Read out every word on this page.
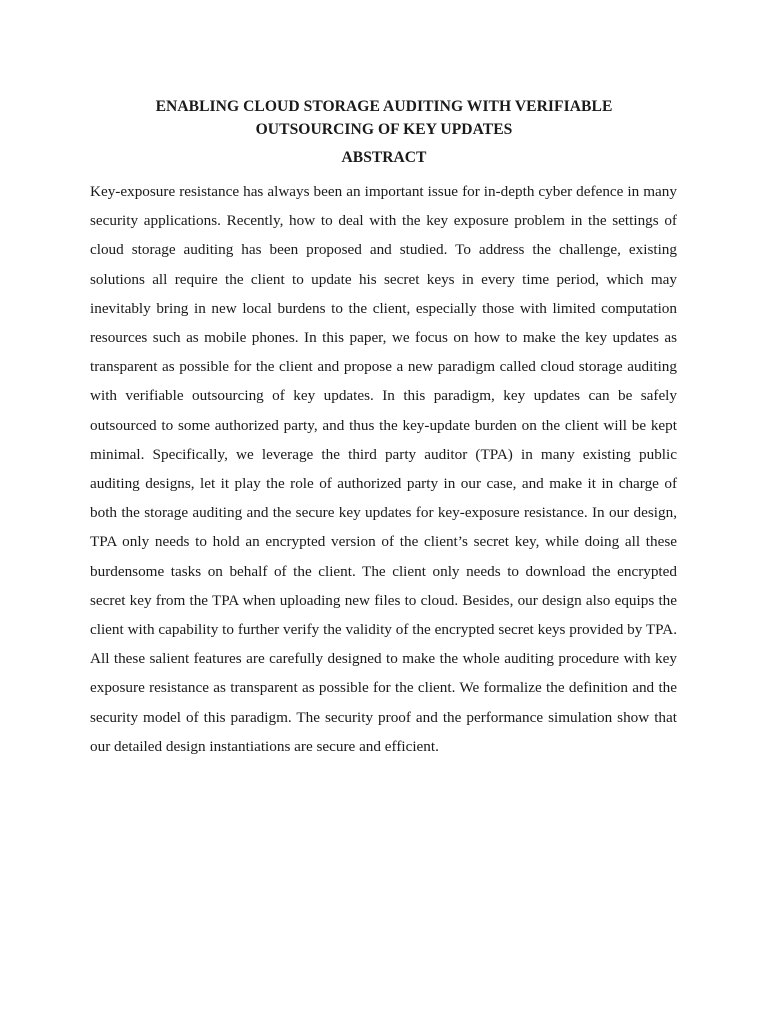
ENABLING CLOUD STORAGE AUDITING WITH VERIFIABLE
OUTSOURCING OF KEY UPDATES
ABSTRACT

Key-exposure resistance has always been an important issue for in-depth cyber defence in many security applications. Recently, how to deal with the key exposure problem in the settings of cloud storage auditing has been proposed and studied. To address the challenge, existing solutions all require the client to update his secret keys in every time period, which may inevitably bring in new local burdens to the client, especially those with limited computation resources such as mobile phones. In this paper, we focus on how to make the key updates as transparent as possible for the client and propose a new paradigm called cloud storage auditing with verifiable outsourcing of key updates. In this paradigm, key updates can be safely outsourced to some authorized party, and thus the key-update burden on the client will be kept minimal. Specifically, we leverage the third party auditor (TPA) in many existing public auditing designs, let it play the role of authorized party in our case, and make it in charge of both the storage auditing and the secure key updates for key-exposure resistance. In our design, TPA only needs to hold an encrypted version of the client’s secret key, while doing all these burdensome tasks on behalf of the client. The client only needs to download the encrypted secret key from the TPA when uploading new files to cloud. Besides, our design also equips the client with capability to further verify the validity of the encrypted secret keys provided by TPA. All these salient features are carefully designed to make the whole auditing procedure with key exposure resistance as transparent as possible for the client. We formalize the definition and the security model of this paradigm. The security proof and the performance simulation show that our detailed design instantiations are secure and efficient.
